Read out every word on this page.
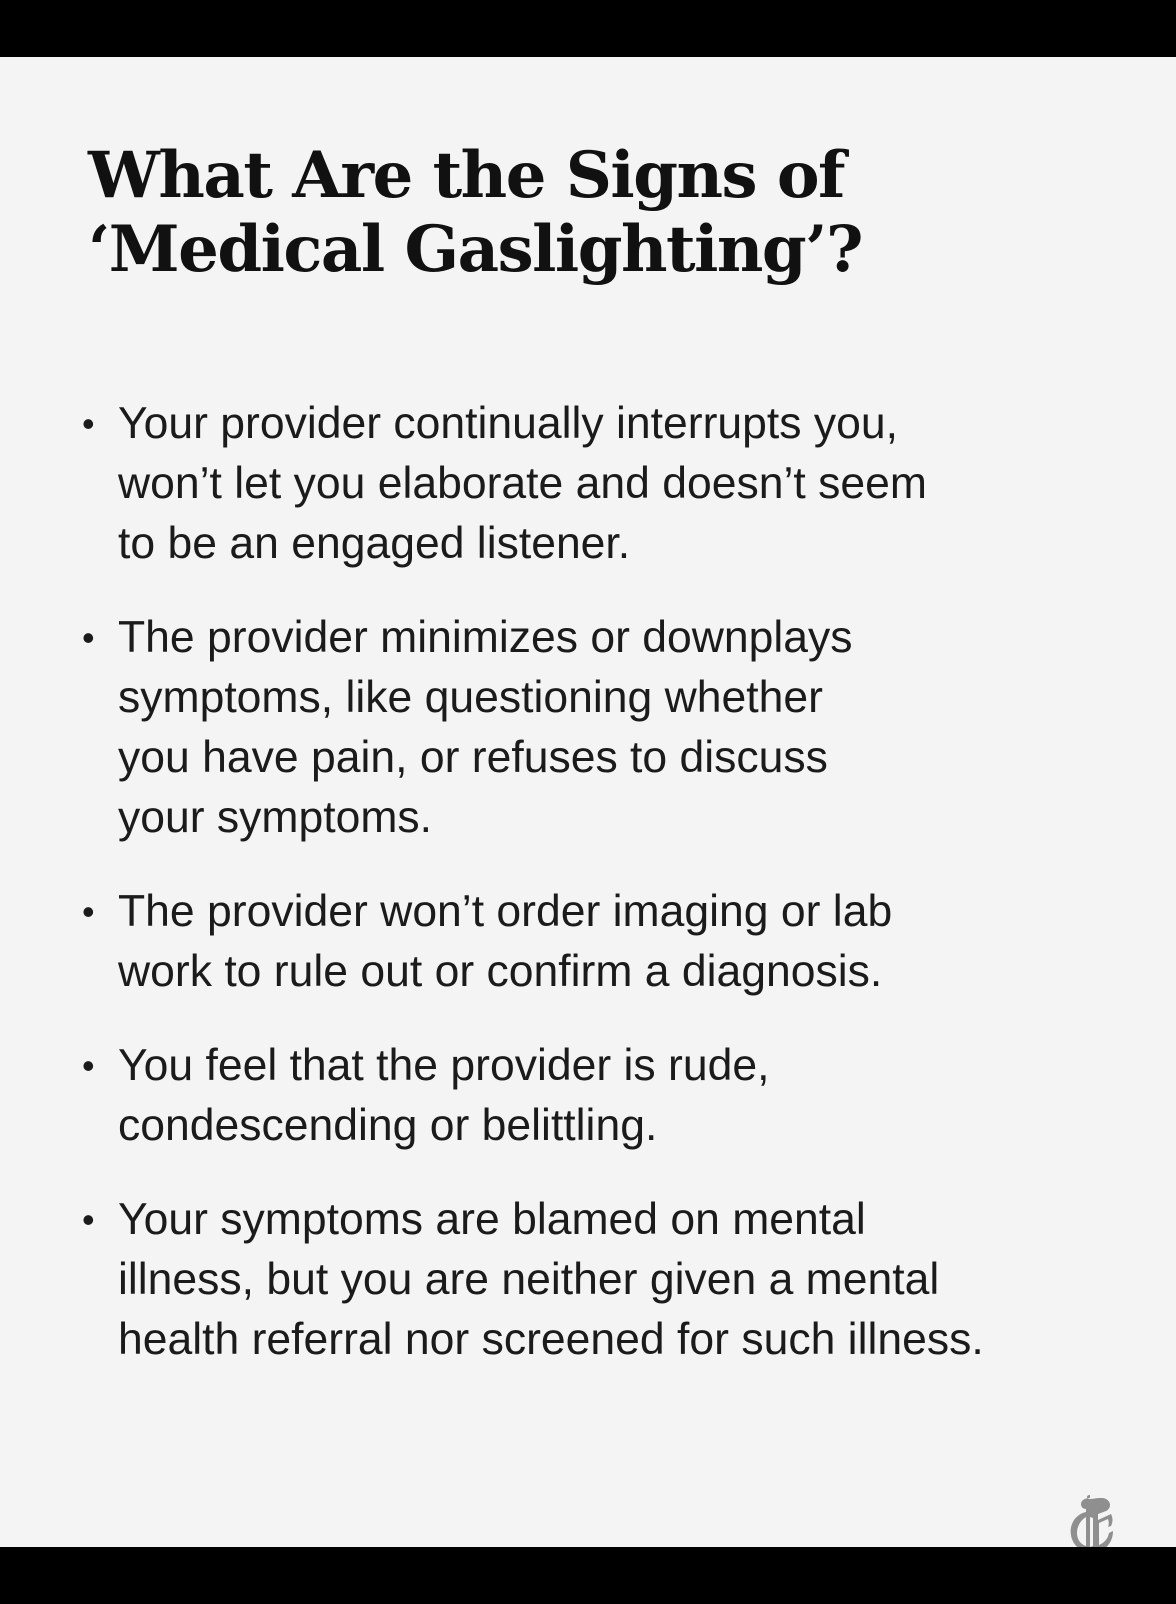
What Are the Signs of
‘Medical Gaslighting’?
• Your provider continually interrupts you,
won’t let you elaborate and doesn’t seem
to be an engaged listener.
• The provider minimizes or downplays
symptoms, like questioning whether
you have pain, or refuses to discuss
your symptoms.
• The provider won’t order imaging or lab
work to rule out or confirm a diagnosis.
• You feel that the provider is rude,
condescending or belittling.
• Your symptoms are blamed on mental
illness, but you are neither given a mental
health referral nor screened for such illness.
